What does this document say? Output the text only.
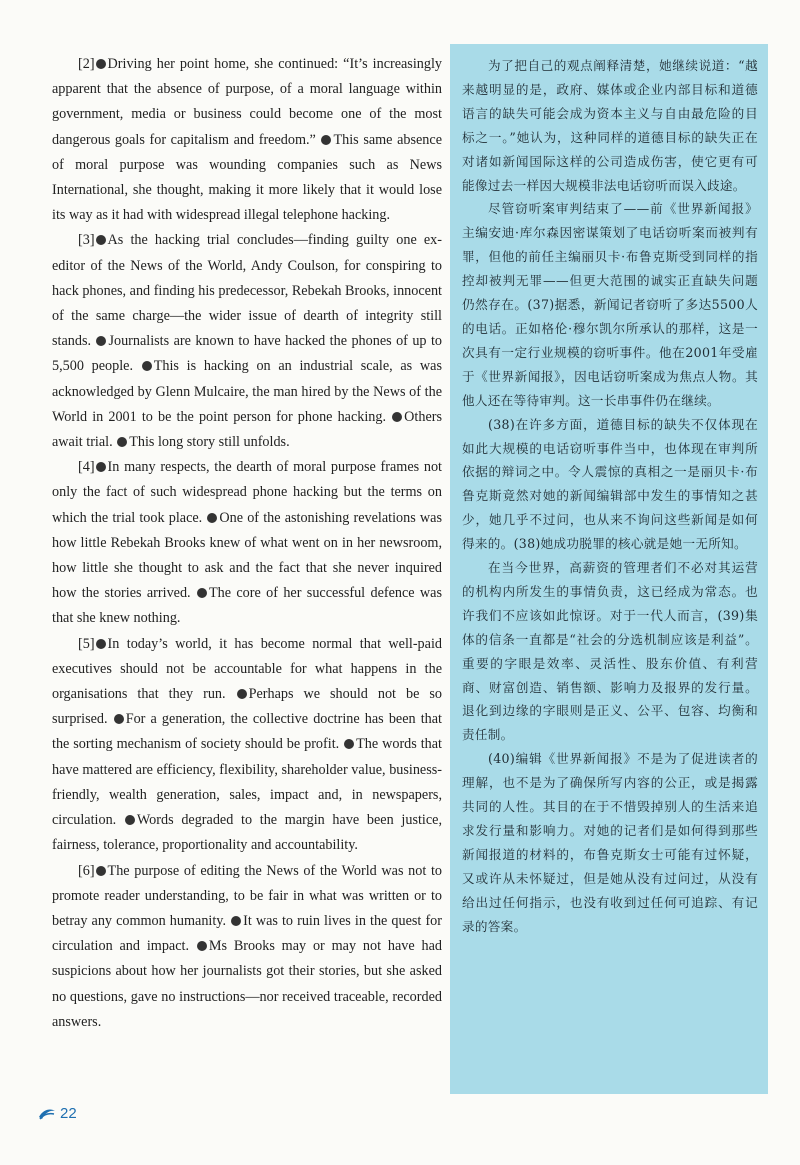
[2] Driving her point home, she continued: “It’s increasingly apparent that the absence of purpose, of a moral language within government, media or business could become one of the most dangerous goals for capitalism and freedom.” This same absence of moral purpose was wounding companies such as News International, she thought, making it more likely that it would lose its way as it had with widespread illegal telephone hacking.

[3] As the hacking trial concludes—finding guilty one ex-editor of the News of the World, Andy Coulson, for conspiring to hack phones, and finding his predecessor, Rebekah Brooks, innocent of the same charge—the wider issue of dearth of integrity still stands. Journalists are known to have hacked the phones of up to 5,500 people. This is hacking on an industrial scale, as was acknowledged by Glenn Mulcaire, the man hired by the News of the World in 2001 to be the point person for phone hacking. Others await trial. This long story still unfolds.

[4] In many respects, the dearth of moral purpose frames not only the fact of such widespread phone hacking but the terms on which the trial took place. One of the astonishing revelations was how little Rebekah Brooks knew of what went on in her newsroom, how little she thought to ask and the fact that she never inquired how the stories arrived. The core of her successful defence was that she knew nothing.

[5] In today’s world, it has become normal that well-paid executives should not be accountable for what happens in the organisations that they run. Perhaps we should not be so surprised. For a generation, the collective doctrine has been that the sorting mechanism of society should be profit. The words that have mattered are efficiency, flexibility, shareholder value, business-friendly, wealth generation, sales, impact and, in newspapers, circulation. Words degraded to the margin have been justice, fairness, tolerance, proportionality and accountability.

[6] The purpose of editing the News of the World was not to promote reader understanding, to be fair in what was written or to betray any common humanity. It was to ruin lives in the quest for circulation and impact. Ms Brooks may or may not have had suspicions about how her journalists got their stories, but she asked no questions, gave no instructions—nor received traceable, recorded answers.

为了把自己的观点阐释清楚，她继续说道：“越来越明显的是，政府、媒体或企业内部目标和道德语言的缺失可能会成为资本主义与自由最危险的目标之一。”她认为，这种同样的道德目标的缺失正在对诸如新闻国际这样的公司造成伤害，使它更有可能像过去一样因大规模非法电话窃听而误入歧途。

尽管窃听案审判结束了——前《世界新闻报》主编安迪·库尔森因密谋策划了电话窃听案而被判有罪，但他的前任主编丽贝卡·布鲁克斯受到同样的指控却被判无罪——但更大范围的诚实正直缺失问题仍然存在。(37)据悉，新闻记者窃听了多达5500人的电话。正如格伦·穆尔凯尔所承认的那样，这是一次具有一定行业规模的窃听事件。他在2001年受雇于《世界新闻报》，因电话窃听案成为焦点人物。其他人还在等待审判。这一长串事件仍在继续。

(38)在许多方面，道德目标的缺失不仅体现在如此大规模的电话窃听事件当中，也体现在审判所依据的辩词之中。令人震惊的真相之一是丽贝卡·布鲁克斯竟然对她的新闻编辑部中发生的事情知之甚少，她几乎不过问，也从来不询问这些新闻是如何得来的。(38)她成功脱罪的核心就是她一无所知。

在当今世界，高薪资的管理者们不必对其运营的机构内所发生的事情负责，这已经成为常态。也许我们不应该如此惊讶。对于一代人而言，(39)集体的信条一直都是“社会的分选机制应该是利益”。重要的字眼是效率、灵活性、股东价值、有利营商、财富创造、销售额、影响力及报界的发行量。退化到边缘的字眼则是正义、公平、包容、均衡和责任制。

(40)编辑《世界新闻报》不是为了促进读者的理解，也不是为了确保所写内容的公正，或是揭露共同的人性。其目的在于不惜毁掉别人的生活来追求发行量和影响力。对她的记者们是如何得到那些新闻报道的材料的，布鲁克斯女士可能有过怀疑，又或许从未怀疑过，但是她从没有过问过，从没有给出过任何指示，也没有收到过任何可追踪、有记录的答案。

22
